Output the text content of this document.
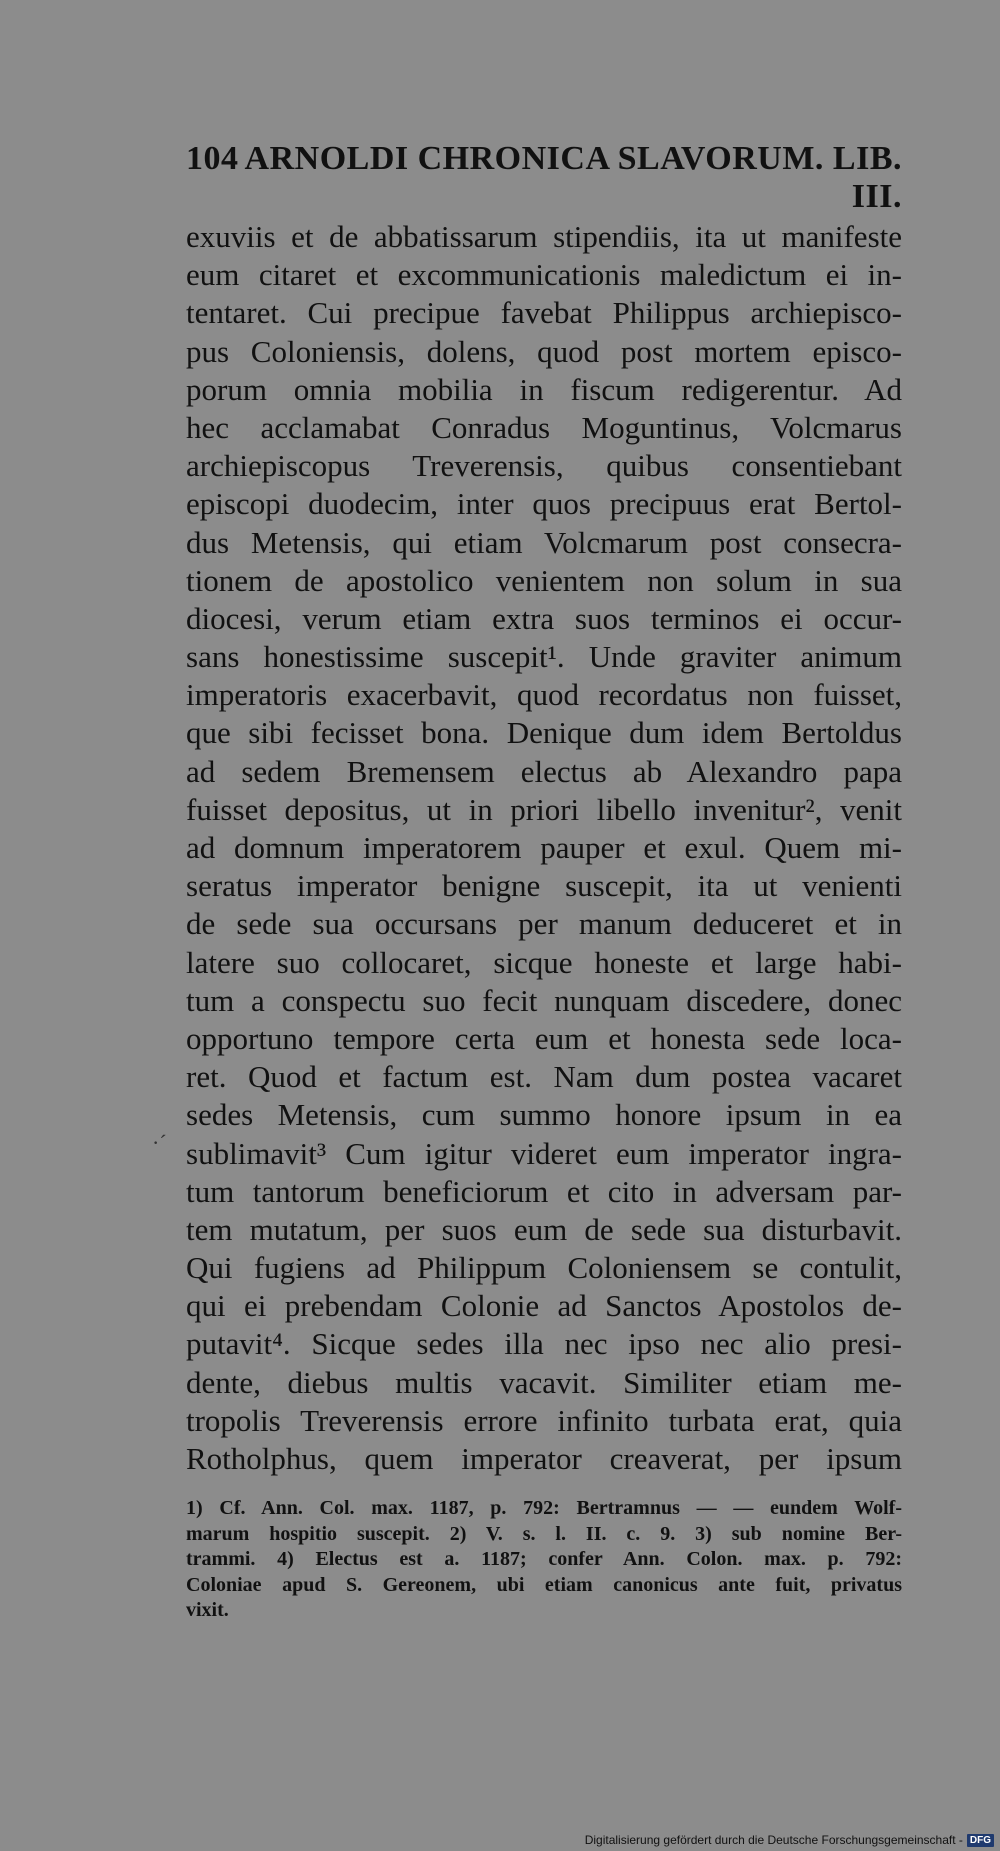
104 ARNOLDI CHRONICA SLAVORUM. LIB. III.
·´
exuviis et de abbatissarum stipendiis, ita ut manifeste
eum citaret et excommunicationis maledictum ei in-
tentaret. Cui precipue favebat Philippus archiepisco-
pus Coloniensis, dolens, quod post mortem episco-
porum omnia mobilia in fiscum redigerentur. Ad
hec acclamabat Conradus Moguntinus, Volcmarus
archiepiscopus Treverensis, quibus consentiebant
episcopi duodecim, inter quos precipuus erat Bertol-
dus Metensis, qui etiam Volcmarum post consecra-
tionem de apostolico venientem non solum in sua
diocesi, verum etiam extra suos terminos ei occur-
sans honestissime suscepit¹. Unde graviter animum
imperatoris exacerbavit, quod recordatus non fuisset,
que sibi fecisset bona. Denique dum idem Bertoldus
ad sedem Bremensem electus ab Alexandro papa
fuisset depositus, ut in priori libello invenitur², venit
ad domnum imperatorem pauper et exul. Quem mi-
seratus imperator benigne suscepit, ita ut venienti
de sede sua occursans per manum deduceret et in
latere suo collocaret, sicque honeste et large habi-
tum a conspectu suo fecit nunquam discedere, donec
opportuno tempore certa eum et honesta sede loca-
ret. Quod et factum est. Nam dum postea vacaret
sedes Metensis, cum summo honore ipsum in ea
sublimavit³ Cum igitur videret eum imperator ingra-
tum tantorum beneficiorum et cito in adversam par-
tem mutatum, per suos eum de sede sua disturbavit.
Qui fugiens ad Philippum Coloniensem se contulit,
qui ei prebendam Colonie ad Sanctos Apostolos de-
putavit⁴. Sicque sedes illa nec ipso nec alio presi-
dente, diebus multis vacavit. Similiter etiam me-
tropolis Treverensis errore infinito turbata erat, quia
Rotholphus, quem imperator creaverat, per ipsum
1) Cf. Ann. Col. max. 1187, p. 792: Bertramnus — — eundem Wolf-
marum hospitio suscepit. 2) V. s. l. II. c. 9. 3) sub nomine Ber-
trammi. 4) Electus est a. 1187; confer Ann. Colon. max. p. 792:
Coloniae apud S. Gereonem, ubi etiam canonicus ante fuit, privatus
vixit.
Digitalisierung gefördert durch die Deutsche Forschungsgemeinschaft - DFG
